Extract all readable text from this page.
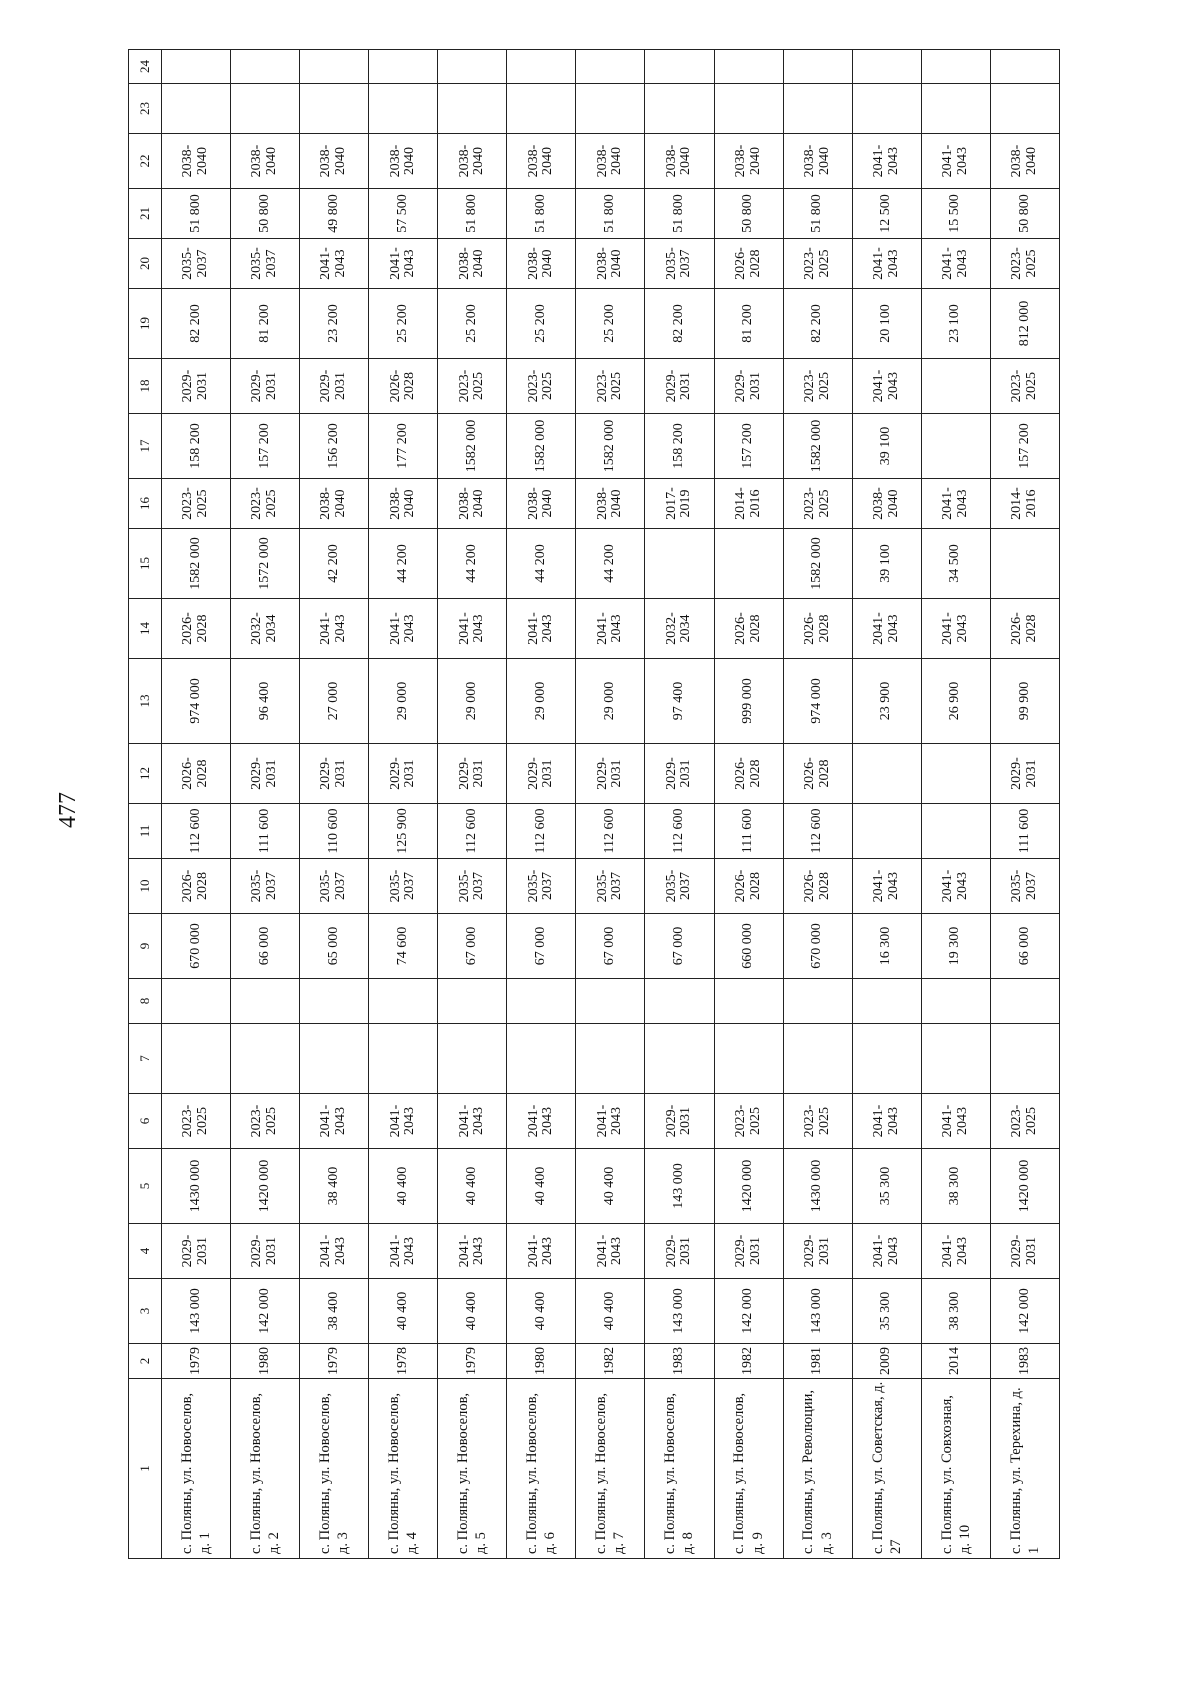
477
1	2	3	4	5	6	7	8	9	10	11	12	13	14	15	16	17	18	19	20	21	22	23	24
с. Поляны, ул. Новоселов, д. 1	1979	143 000	2029-2031	1430 000	2023-2025			670 000	2026-2028	112 600	2026-2028	974 000	2026-2028	1582 000	2023-2025	158 200	2029-2031	82 200	2035-2037	51 800	2038-2040		
с. Поляны, ул. Новоселов, д. 2	1980	142 000	2029-2031	1420 000	2023-2025			66 000	2035-2037	111 600	2029-2031	96 400	2032-2034	1572 000	2023-2025	157 200	2029-2031	81 200	2035-2037	50 800	2038-2040		
с. Поляны, ул. Новоселов, д. 3	1979	38 400	2041-2043	38 400	2041-2043			65 000	2035-2037	110 600	2029-2031	27 000	2041-2043	42 200	2038-2040	156 200	2029-2031	23 200	2041-2043	49 800	2038-2040		
с. Поляны, ул. Новоселов, д. 4	1978	40 400	2041-2043	40 400	2041-2043			74 600	2035-2037	125 900	2029-2031	29 000	2041-2043	44 200	2038-2040	177 200	2026-2028	25 200	2041-2043	57 500	2038-2040		
с. Поляны, ул. Новоселов, д. 5	1979	40 400	2041-2043	40 400	2041-2043			67 000	2035-2037	112 600	2029-2031	29 000	2041-2043	44 200	2038-2040	1582 000	2023-2025	25 200	2038-2040	51 800	2038-2040		
с. Поляны, ул. Новоселов, д. 6	1980	40 400	2041-2043	40 400	2041-2043			67 000	2035-2037	112 600	2029-2031	29 000	2041-2043	44 200	2038-2040	1582 000	2023-2025	25 200	2038-2040	51 800	2038-2040		
с. Поляны, ул. Новоселов, д. 7	1982	40 400	2041-2043	40 400	2041-2043			67 000	2035-2037	112 600	2029-2031	29 000	2041-2043	44 200	2038-2040	1582 000	2023-2025	25 200	2038-2040	51 800	2038-2040		
с. Поляны, ул. Новоселов, д. 8	1983	143 000	2029-2031	143 000	2029-2031			67 000	2035-2037	112 600	2029-2031	97 400	2032-2034		2017-2019	158 200	2029-2031	82 200	2035-2037	51 800	2038-2040		
с. Поляны, ул. Новоселов, д. 9	1982	142 000	2029-2031	1420 000	2023-2025			660 000	2026-2028	111 600	2026-2028	999 000	2026-2028		2014-2016	157 200	2029-2031	81 200	2026-2028	50 800	2038-2040		
с. Поляны, ул. Революции, д. 3	1981	143 000	2029-2031	1430 000	2023-2025			670 000	2026-2028	112 600	2026-2028	974 000	2026-2028	1582 000	2023-2025	1582 000	2023-2025	82 200	2023-2025	51 800	2038-2040		
с. Поляны, ул. Советская, д. 27	2009	35 300	2041-2043	35 300	2041-2043			16 300	2041-2043			23 900	2041-2043	39 100	2038-2040	39 100	2041-2043	20 100	2041-2043	12 500	2041-2043		
с. Поляны, ул. Совхозная, д. 10	2014	38 300	2041-2043	38 300	2041-2043			19 300	2041-2043			26 900	2041-2043	34 500	2041-2043			23 100	2041-2043	15 500	2041-2043		
с. Поляны, ул. Терехина, д. 1	1983	142 000	2029-2031	1420 000	2023-2025			66 000	2035-2037	111 600	2029-2031	99 900	2026-2028		2014-2016	157 200	2023-2025	812 000	2023-2025	50 800	2038-2040		
